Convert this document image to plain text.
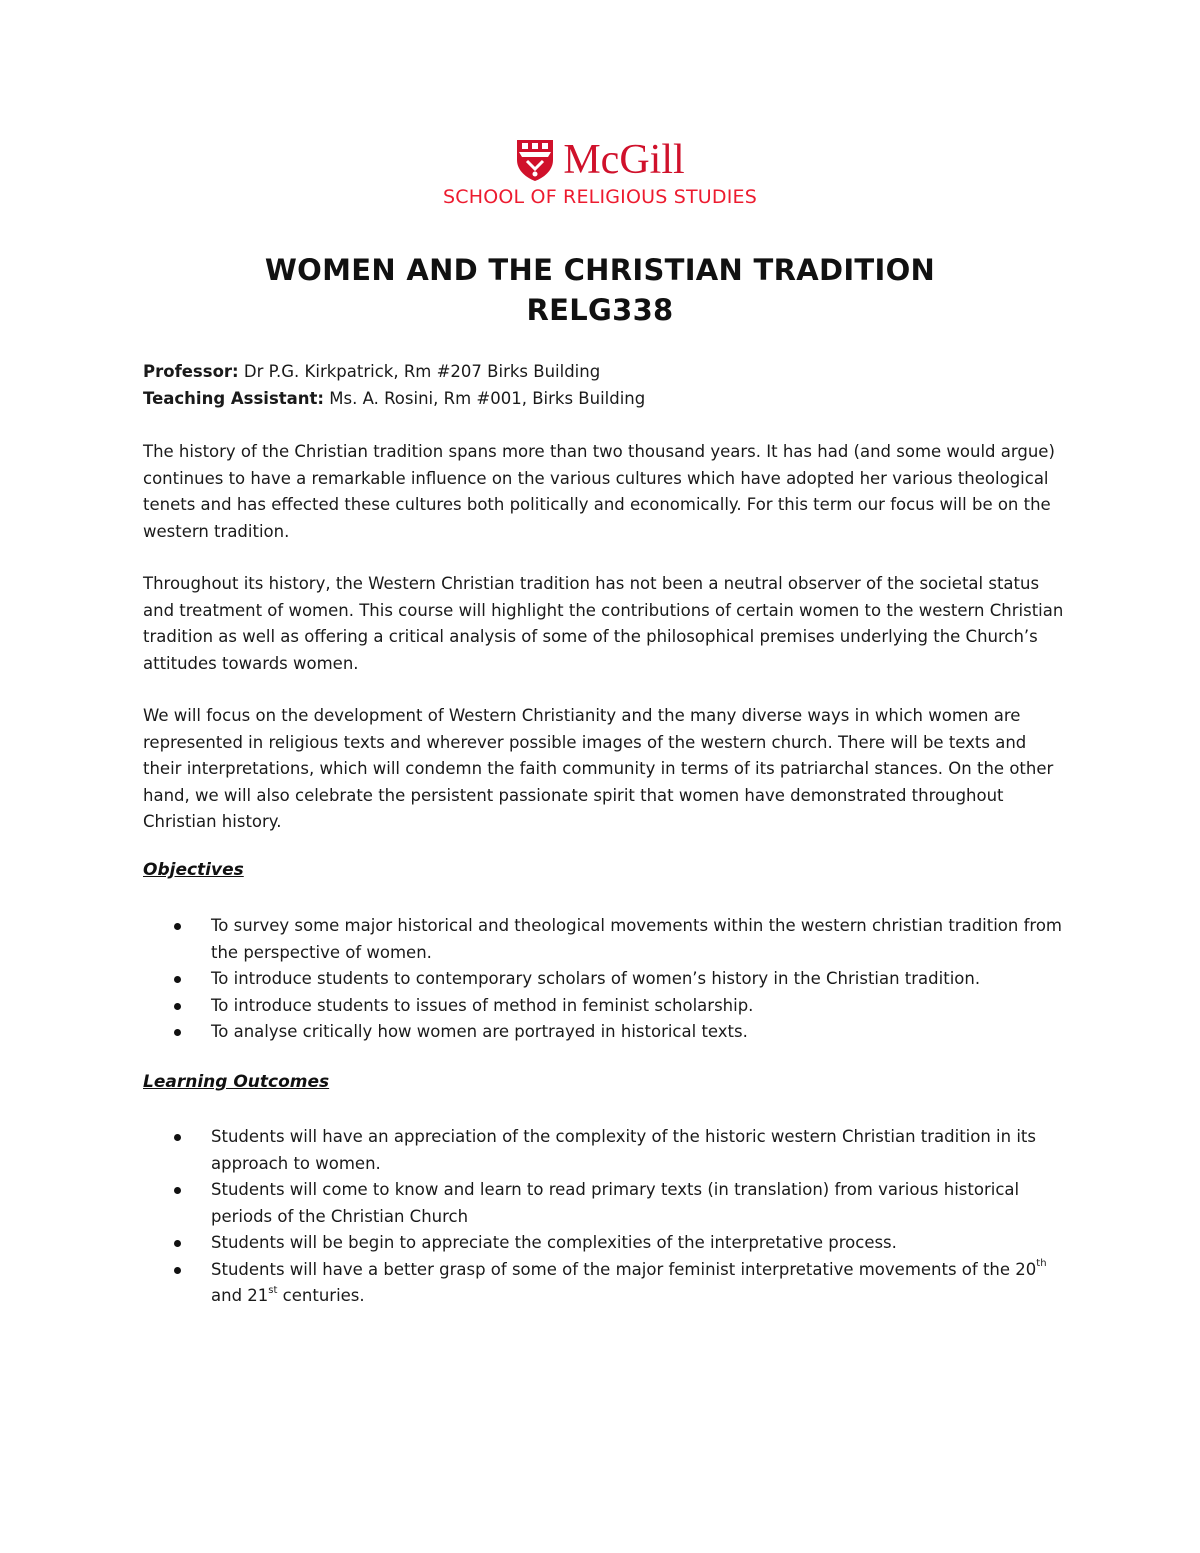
McGill
SCHOOL OF RELIGIOUS STUDIES
WOMEN AND THE CHRISTIAN TRADITION
RELG338
Professor: Dr P.G. Kirkpatrick, Rm #207 Birks Building
Teaching Assistant: Ms. A. Rosini, Rm #001, Birks Building
The history of the Christian tradition spans more than two thousand years. It has had (and some would argue) continues to have a remarkable influence on the various cultures which have adopted her various theological tenets and has effected these cultures both politically and economically. For this term our focus will be on the western tradition.
Throughout its history, the Western Christian tradition has not been a neutral observer of the societal status and treatment of women. This course will highlight the contributions of certain women to the western Christian tradition as well as offering a critical analysis of some of the philosophical premises underlying the Church’s attitudes towards women.
We will focus on the development of Western Christianity and the many diverse ways in which women are represented in religious texts and wherever possible images of the western church. There will be texts and their interpretations, which will condemn the faith community in terms of its patriarchal stances. On the other hand, we will also celebrate the persistent passionate spirit that women have demonstrated throughout Christian history.
Objectives
To survey some major historical and theological movements within the western christian tradition from the perspective of women.
To introduce students to contemporary scholars of women’s history in the Christian tradition.
To introduce students to issues of method in feminist scholarship.
To analyse critically how women are portrayed in historical texts.
Learning Outcomes
Students will have an appreciation of the complexity of the historic western Christian tradition in its approach to women.
Students will come to know and learn to read primary texts (in translation) from various historical periods of the Christian Church
Students will be begin to appreciate the complexities of the interpretative process.
Students will have a better grasp of some of the major feminist interpretative movements of the 20th and 21st centuries.
